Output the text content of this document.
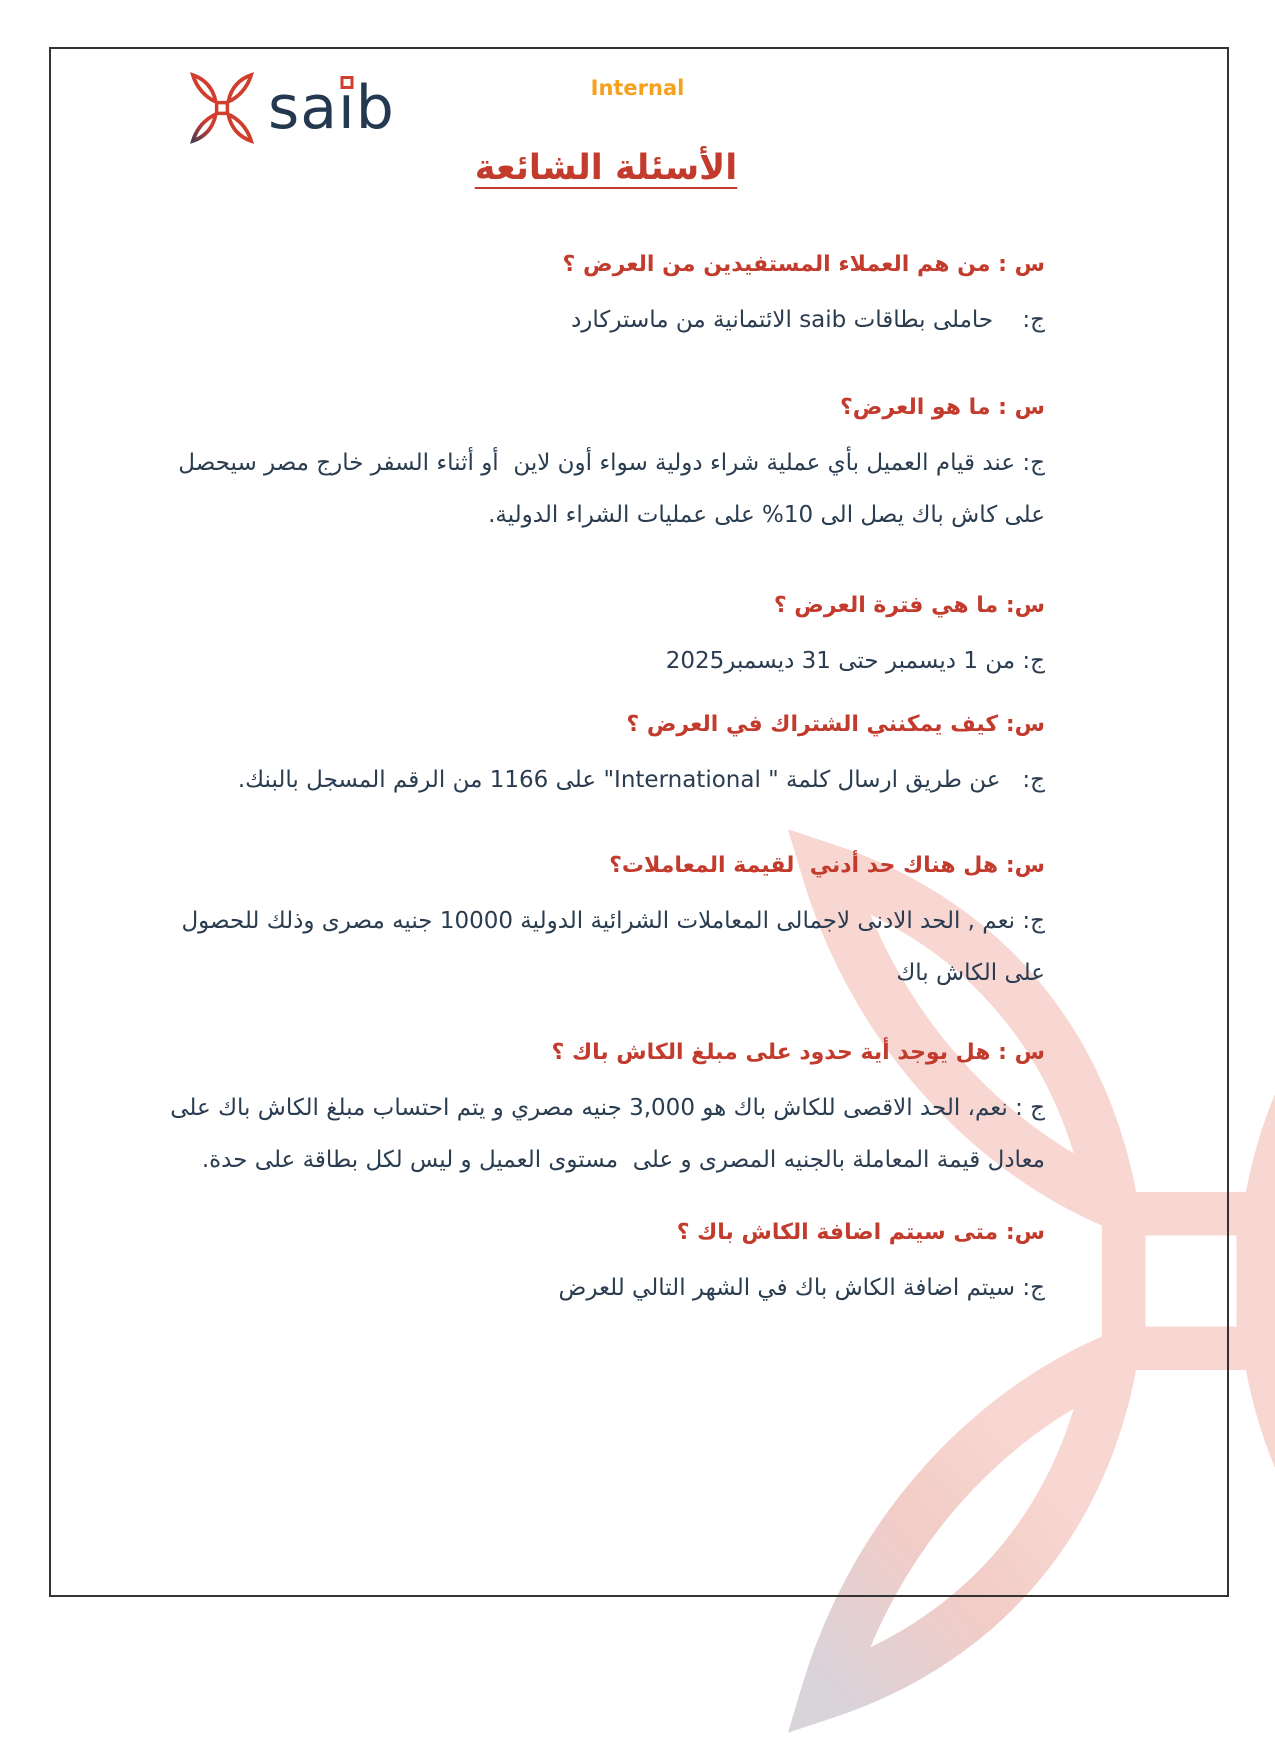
saı
b	Internal
الأسئلة الشائعة

س : من هم العملاء المستفيدين من العرض ؟

ج:    حاملى بطاقات saib الائتمانية من ماستركارد

س : ما هو العرض؟

ج: عند قيام العميل بأي عملية شراء دولية سواء أون لاين  أو أثناء السفر خارج مصر سيحصل على كاش باك يصل الى 10% على عمليات الشراء الدولية.

س: ما هي فترة العرض ؟

ج: من 1 ديسمبر حتى 31 ديسمبر2025

س: كيف يمكنني الشتراك في العرض ؟

ج:   عن طريق ارسال كلمة " International" على 1166 من الرقم المسجل بالبنك.

س: هل هناك حد أدني  لقيمة المعاملات؟

ج: نعم , الحد الادنى لاجمالى المعاملات الشرائية الدولية 10000 جنيه مصرى وذلك للحصول على الكاش باك

س : هل يوجد أية حدود على مبلغ الكاش باك ؟

ج : نعم، الحد الاقصى للكاش باك هو 3,000 جنيه مصري و يتم احتساب مبلغ الكاش باك على معادل قيمة المعاملة بالجنيه المصرى و على  مستوى العميل و ليس لكل بطاقة على حدة.

س: متى سيتم اضافة الكاش باك ؟

ج: سيتم اضافة الكاش باك في الشهر التالي للعرض
